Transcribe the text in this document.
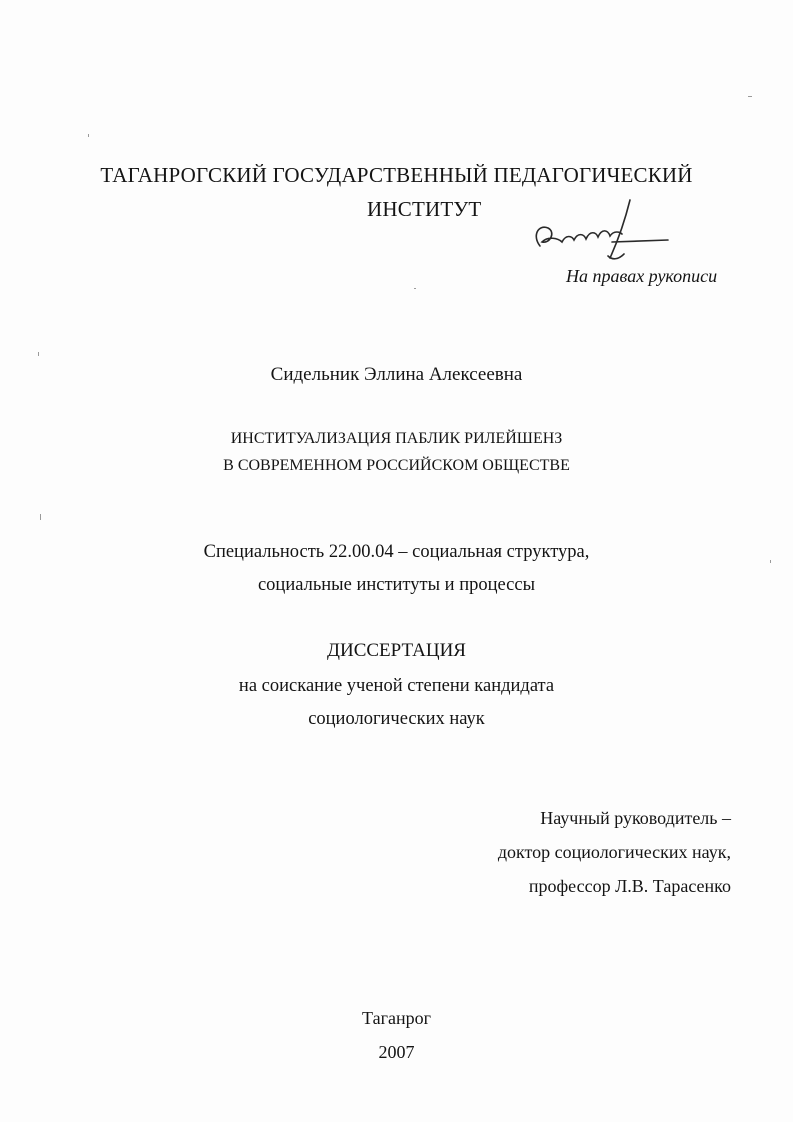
ТАГАНРОГСКИЙ ГОСУДАРСТВЕННЫЙ ПЕДАГОГИЧЕСКИЙ
ИНСТИТУТ
На правах рукописи
Сидельник Эллина Алексеевна
ИНСТИТУАЛИЗАЦИЯ ПАБЛИК РИЛЕЙШЕНЗ
В СОВРЕМЕННОМ РОССИЙСКОМ ОБЩЕСТВЕ
Специальность 22.00.04 – социальная структура,
социальные институты и процессы
ДИССЕРТАЦИЯ
на соискание ученой степени кандидата
социологических наук
Научный руководитель –
доктор социологических наук,
профессор Л.В. Тарасенко
Таганрог
2007
